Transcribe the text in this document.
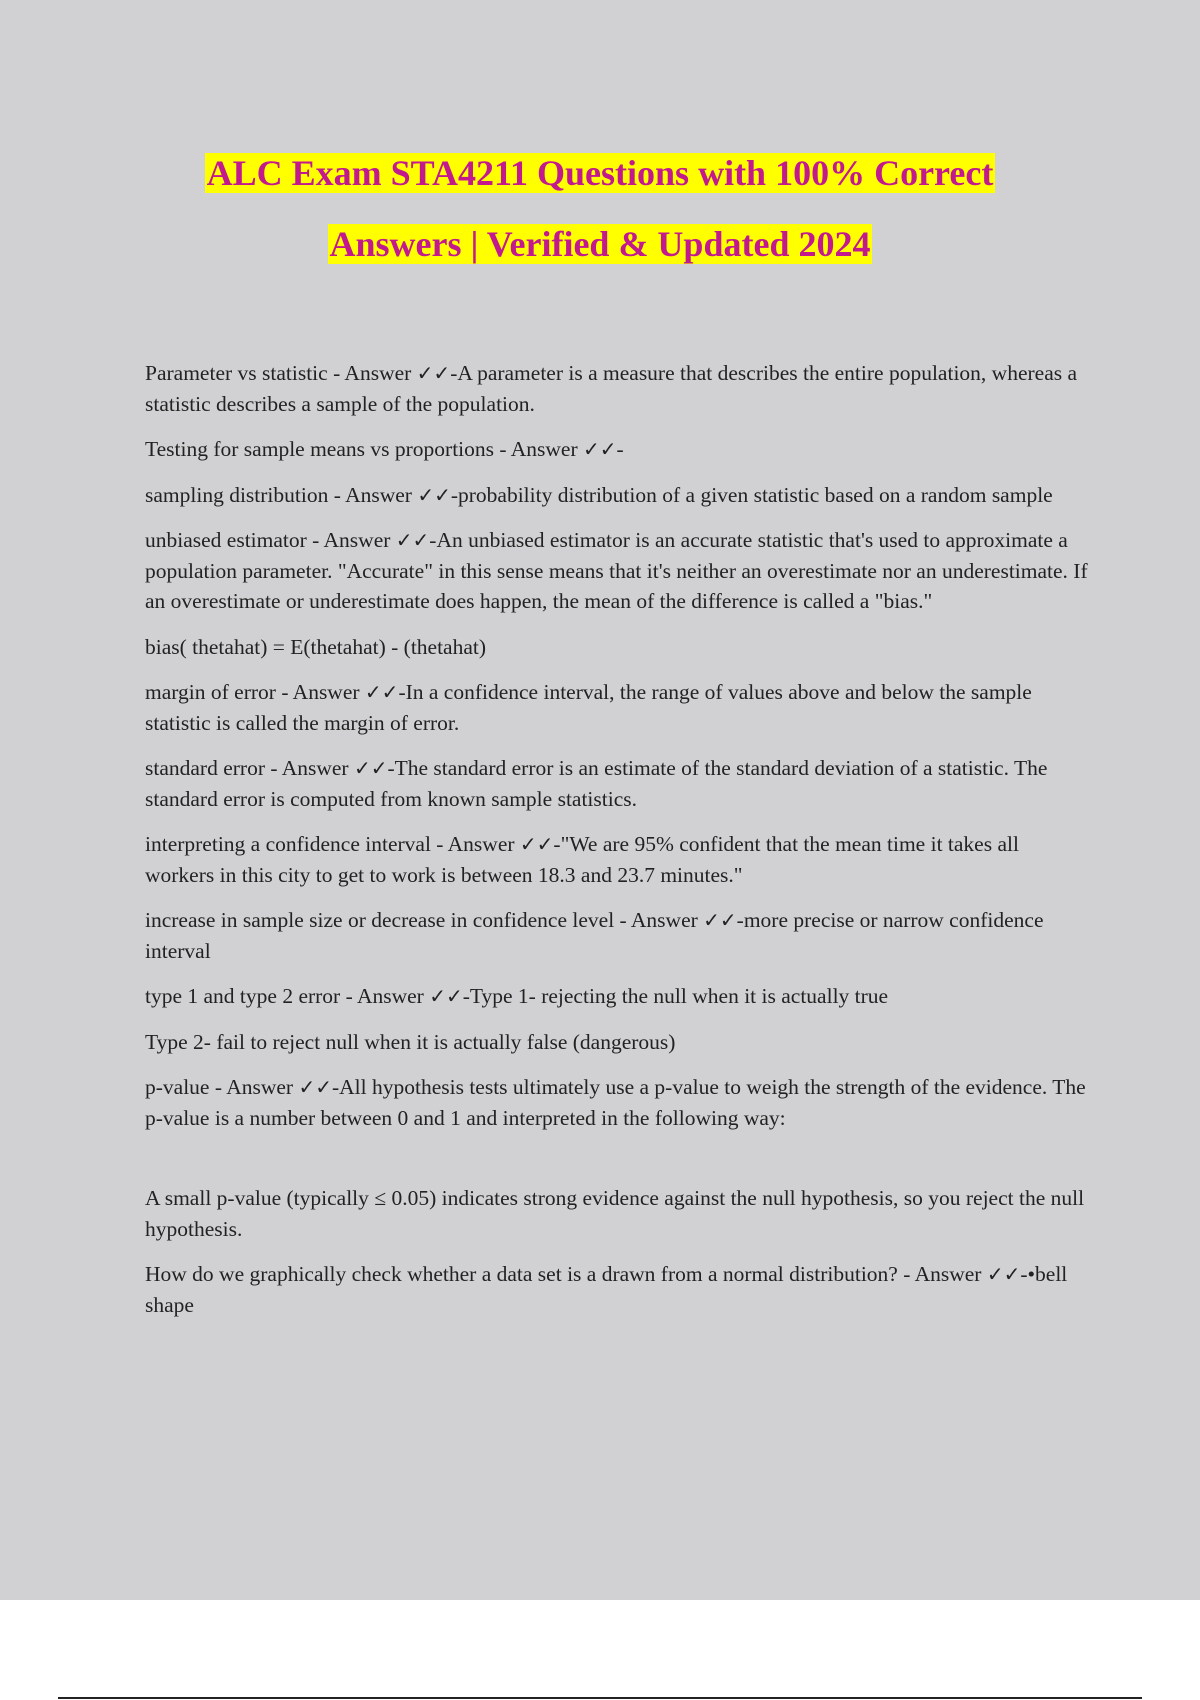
ALC Exam STA4211 Questions with 100% Correct
Answers | Verified & Updated 2024

Parameter vs statistic - Answer ✓✓-A parameter is a measure that describes the entire population, whereas a statistic describes a sample of the population.

Testing for sample means vs proportions - Answer ✓✓-

sampling distribution - Answer ✓✓-probability distribution of a given statistic based on a random sample

unbiased estimator - Answer ✓✓-An unbiased estimator is an accurate statistic that's used to approximate a population parameter. "Accurate" in this sense means that it's neither an overestimate nor an underestimate. If an overestimate or underestimate does happen, the mean of the difference is called a "bias."

bias( thetahat) = E(thetahat) - (thetahat)

margin of error - Answer ✓✓-In a confidence interval, the range of values above and below the sample statistic is called the margin of error.

standard error - Answer ✓✓-The standard error is an estimate of the standard deviation of a statistic. The standard error is computed from known sample statistics.

interpreting a confidence interval - Answer ✓✓-"We are 95% confident that the mean time it takes all workers in this city to get to work is between 18.3 and 23.7 minutes."

increase in sample size or decrease in confidence level - Answer ✓✓-more precise or narrow confidence interval

type 1 and type 2 error - Answer ✓✓-Type 1- rejecting the null when it is actually true

Type 2- fail to reject null when it is actually false (dangerous)

p-value - Answer ✓✓-All hypothesis tests ultimately use a p-value to weigh the strength of the evidence. The p-value is a number between 0 and 1 and interpreted in the following way:

A small p-value (typically ≤ 0.05) indicates strong evidence against the null hypothesis, so you reject the null hypothesis.

How do we graphically check whether a data set is a drawn from a normal distribution? - Answer ✓✓-•bell shape
